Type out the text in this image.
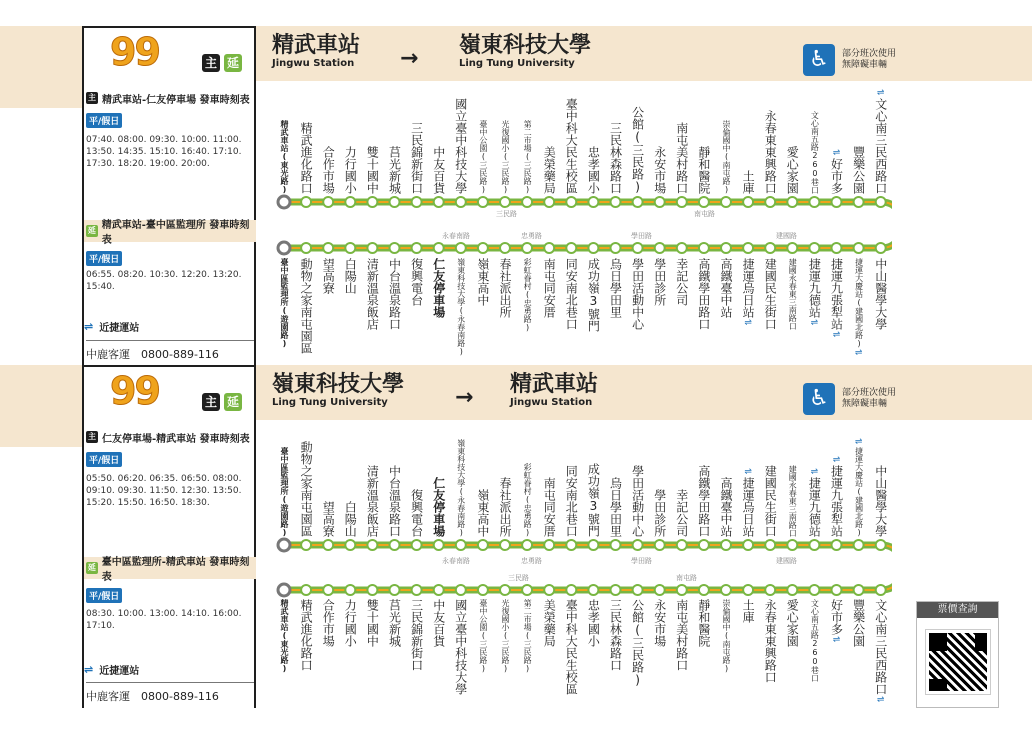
99	主 延
精武車站
Jingwu Station →
嶺東科技大學
Ling Tung University	♿	部分班次使用
無障礙車輛
主 精武車站-仁友停車場 發車時刻表
平/假日
07:40. 08:00. 09:30. 10:00. 11:00.
13:50. 14:35. 15:10. 16:40. 17:10.
17:30. 18:20. 19:00. 20:00.
延 精武車站-臺中區監理所 發車時刻表
平/假日
06:55. 08:20. 10:30. 12:20. 13:20.
15:40.
⇌ 近捷運站
中鹿客運　0800-889-116
精武車站(東光路) 精武進化路口 合作市場 力行國小 雙十國中 莒光新城 三民錦新街口 中友百貨 國立臺中科技大學 臺中公園(三民路) 光復國小(三民路) 第二市場(三民路) 美榮藥局 臺中科大民生校區 忠孝國小 三民林森路口 公館(三民路) 永安市場 南屯美村路口 靜和醫院 崇倫國中(南屯路) 土庫 永春東東興路口 愛心家園 文心南五路260巷口 ⇌好市多 豐樂公園
⇌文心南三民西路口
臺中區監理所(遊園路) 動物之家南屯園區 望高寮 白陽山 清新溫泉飯店 中台溫泉路口 復興電台 仁友停車場 嶺東科技大學(永春南路) 嶺東高中 春社派出所 彩虹眷村(忠勇路) 南屯同安厝 同安南北巷口 成功嶺3號門 烏日學田里 學田活動中心 學田診所 幸記公司 高鐵學田路口 高鐵臺中站 捷運烏日站⇌ 建國民生街口 建國永春東三南路口 捷運九德站⇌ 捷運九張犁站⇌ 捷運大慶站(建國北路)⇌
中山醫學大學
三民路	南屯路
永春南路	忠勇路	學田路	建國路
99	主 延
嶺東科技大學
Ling Tung University	→
精武車站
Jingwu Station	♿	部分班次使用
無障礙車輛
主 仁友停車場-精武車站 發車時刻表
平/假日
05:50. 06:20. 06:35. 06:50. 08:00.
09:10. 09:30. 11:50. 12:30. 13:50.
15:20. 15:50. 16:50. 18:30.
延 臺中區監理所-精武車站 發車時刻表
平/假日
08:30. 10:00. 13:00. 14:10. 16:00.
17:10.
⇌ 近捷運站
中鹿客運　0800-889-116
臺中區監理所(遊園路) 動物之家南屯園區 望高寮 白陽山 清新溫泉飯店 中台溫泉路口 復興電台 仁友停車場 嶺東科技大學(永春南路) 嶺東高中 春社派出所 彩虹眷村(忠勇路) 南屯同安厝 同安南北巷口 成功嶺3號門 烏日學田里 學田活動中心 學田診所 幸記公司 高鐵學田路口 高鐵臺中站
⇌捷運烏日站 建國民生街口 建國永春東三南路口 ⇌捷運九德站
⇌捷運九張犁站
⇌捷運大慶站(建國北路) 中山醫學大學
精武車站(東光路) 精武進化路口 合作市場 力行國小 雙十國中 莒光新城 三民錦新街口 中友百貨 國立臺中科技大學 臺中公園(三民路) 光復國小(三民路) 第二市場(三民路) 美榮藥局 臺中科大民生校區 忠孝國小 三民林森路口 公館(三民路) 永安市場 南屯美村路口 靜和醫院 崇倫國中(南屯路) 土庫 永春東東興路口 愛心家園 文心南五路260巷口 好市多⇌ 豐樂公園 文心南三民西路口⇌
永春南路	忠勇路	學田路	建國路
三民路	南屯路
票價查詢
